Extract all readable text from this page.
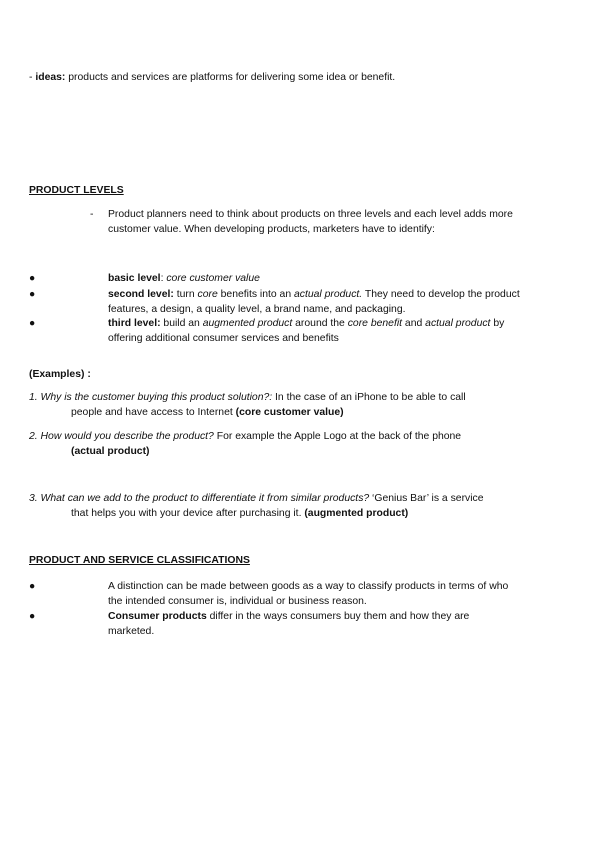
- ideas: products and services are platforms for delivering some idea or benefit.
PRODUCT LEVELS
- Product planners need to think about products on three levels and each level adds more customer value. When developing products, marketers have to identify:
●	basic level: core customer value
●	second level: turn core benefits into an actual product. They need to develop the product features, a design, a quality level, a brand name, and packaging.
●	third level: build an augmented product around the core benefit and actual product by offering additional consumer services and benefits
(Examples) :
1. Why is the customer buying this product solution?: In the case of an iPhone to be able to call
people and have access to Internet (core customer value)
2. How would you describe the product? For example the Apple Logo at the back of the phone
(actual product)
3. What can we add to the product to differentiate it from similar products? ‘Genius Bar’ is a service
that helps you with your device after purchasing it. (augmented product)
PRODUCT AND SERVICE CLASSIFICATIONS
●	A distinction can be made between goods as a way to classify products in terms of who the intended consumer is, individual or business reason.
●	Consumer products differ in the ways consumers buy them and how they are marketed.
